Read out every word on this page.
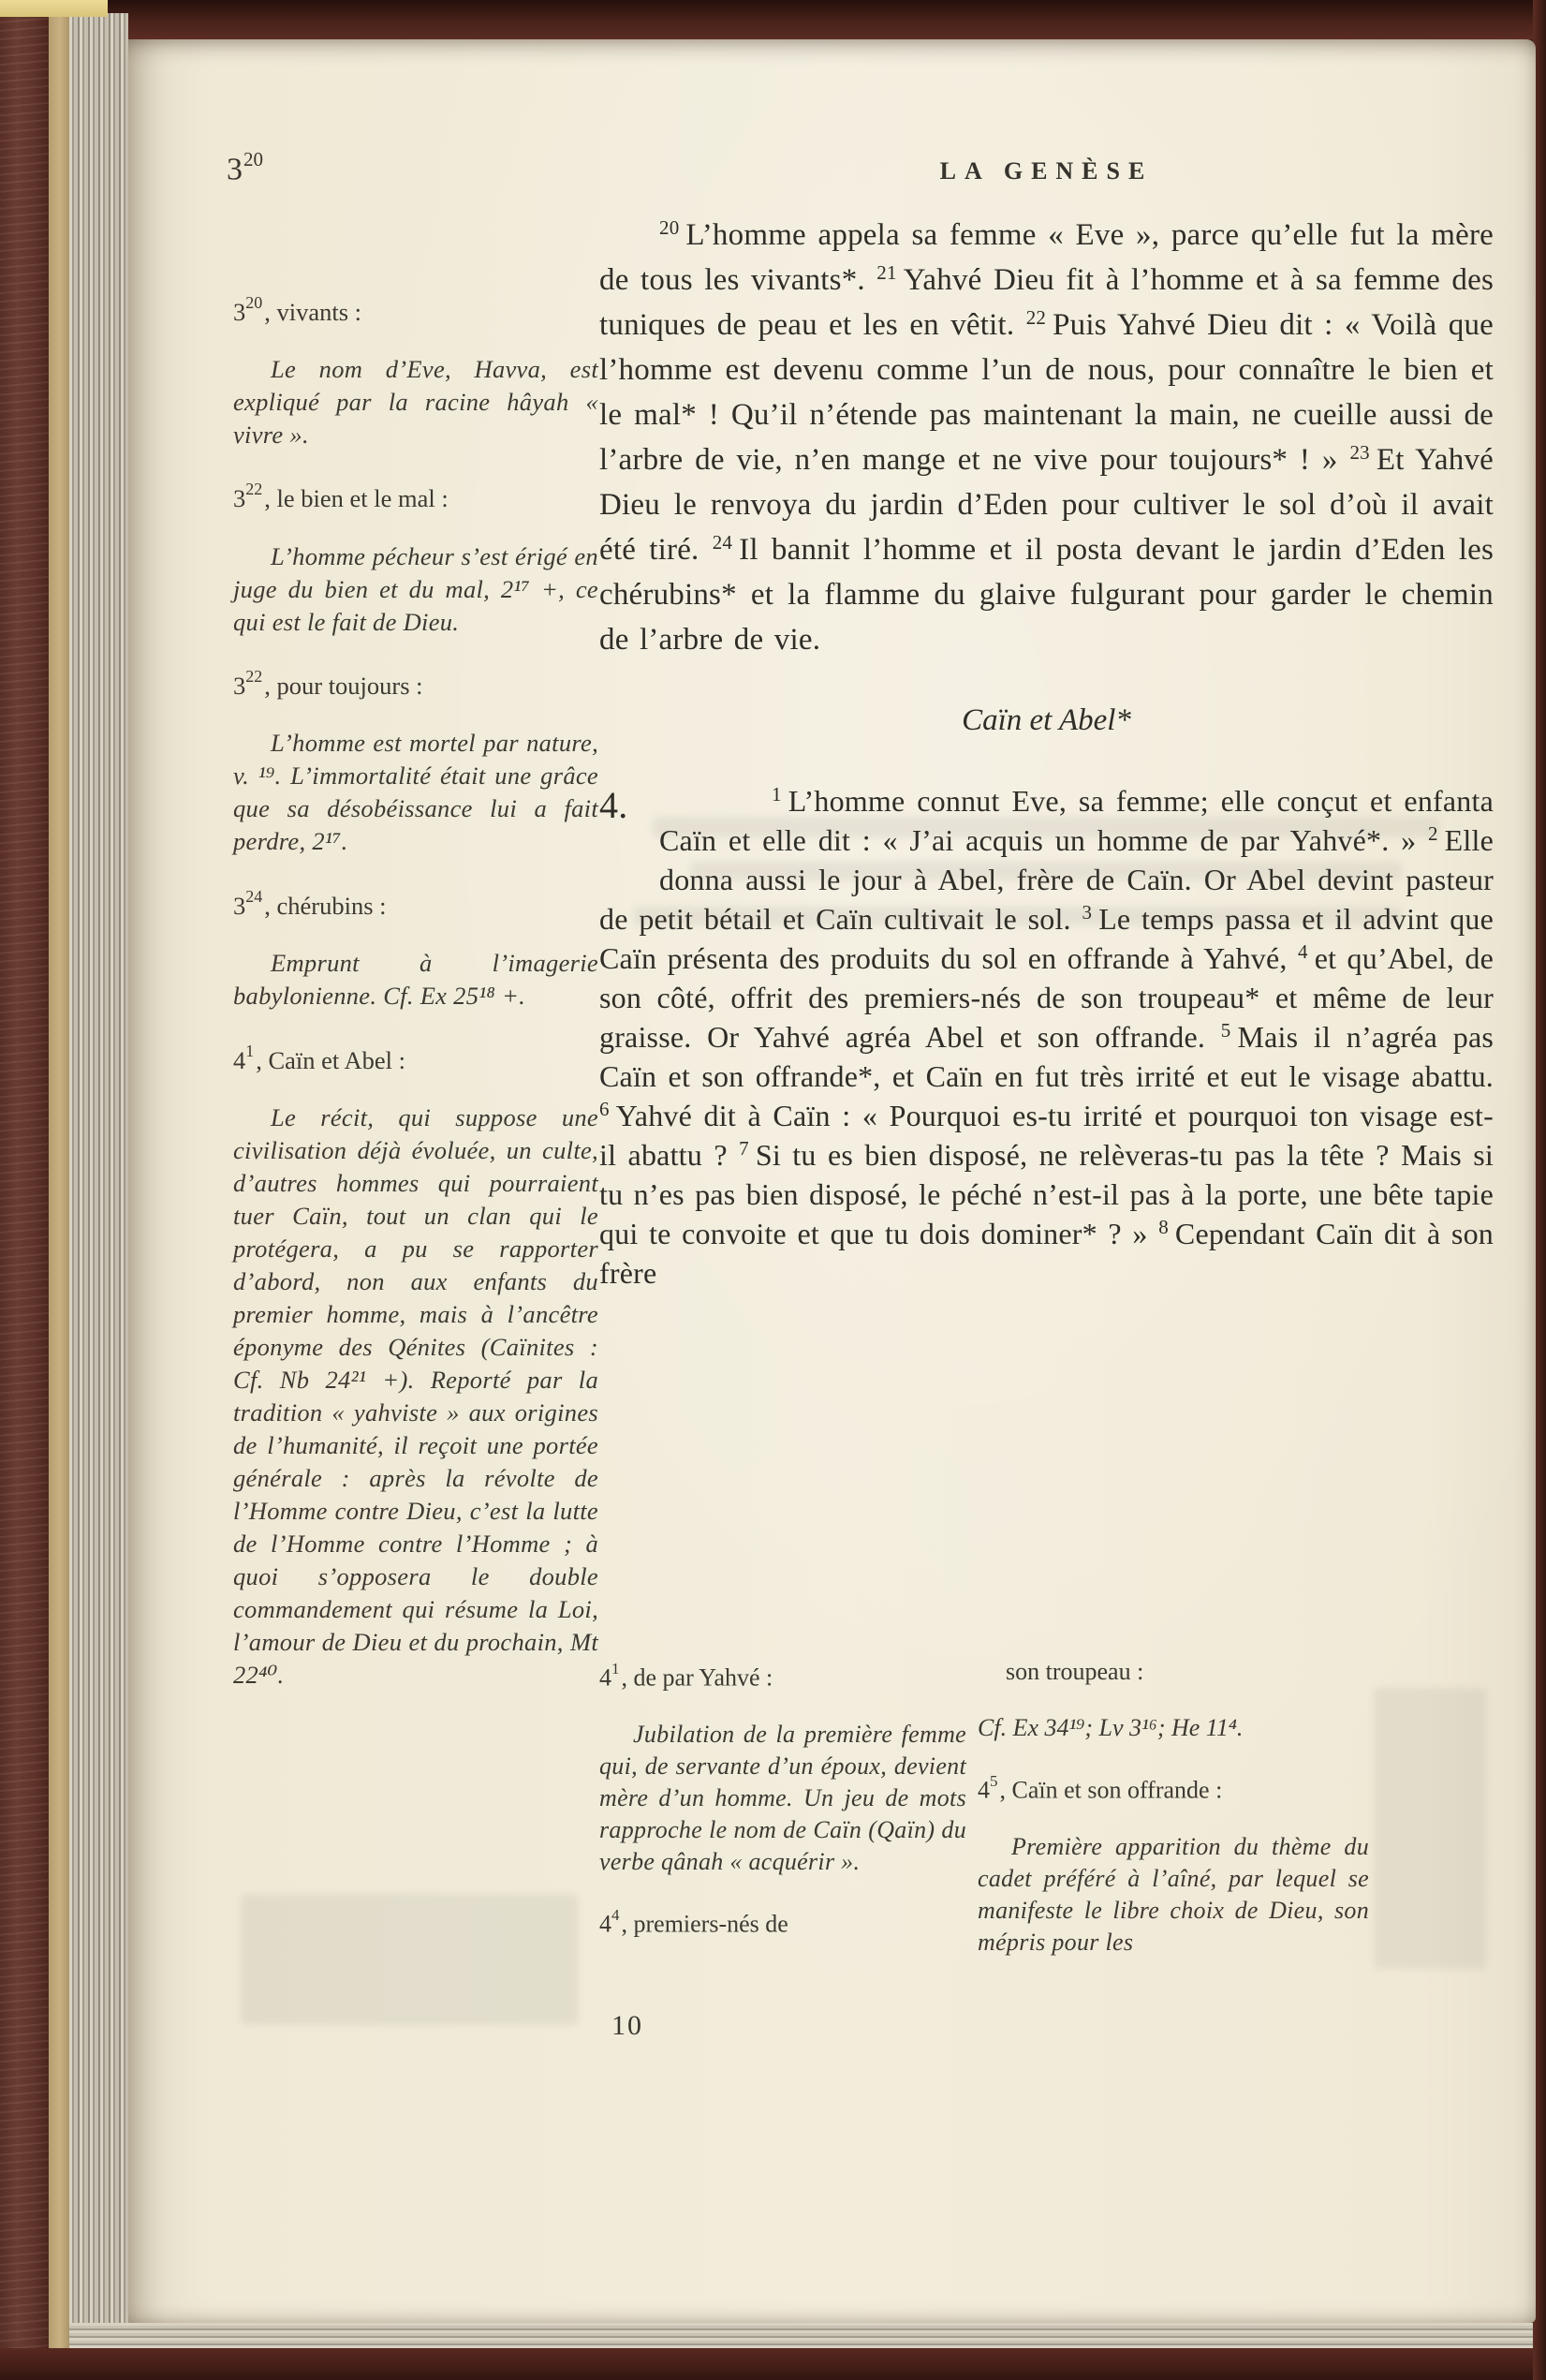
$3^{20}$	LA GENÈSE

$3^{20}$, vivants :

Le nom d’Eve, Havva, est expliqué par la racine hâyah « vivre ».

$3^{22}$, le bien et le mal :

L’homme pécheur s’est érigé en juge du bien et du mal, 2¹⁷ +, ce qui est le fait de Dieu.

$3^{22}$, pour toujours :

L’homme est mortel par nature, v. ¹⁹. L’immortalité était une grâce que sa désobéissance lui a fait perdre, 2¹⁷.

$3^{24}$, chérubins :

Emprunt à l’imagerie babylonienne. Cf. Ex 25¹⁸ +.

$4^1$, Caïn et Abel :

Le récit, qui suppose une civilisation déjà évoluée, un culte, d’autres hommes qui pourraient tuer Caïn, tout un clan qui le protégera, a pu se rapporter d’abord, non aux enfants du premier homme, mais à l’ancêtre éponyme des Qénites (Caïnites : Cf. Nb 24²¹ +). Reporté par la tradition « yahviste » aux origines de l’humanité, il reçoit une portée générale : après la révolte de l’Homme contre Dieu, c’est la lutte de l’Homme contre l’Homme ; à quoi s’opposera le double commandement qui résume la Loi, l’amour de Dieu et du prochain, Mt 22⁴⁰.

$^{20}$ L’homme appela sa femme « Eve », parce qu’elle fut la mère de tous les vivants*. $^{21}$ Yahvé Dieu fit à l’homme et à sa femme des tuniques de peau et les en vêtit. $^{22}$ Puis Yahvé Dieu dit : « Voilà que l’homme est devenu comme l’un de nous, pour connaître le bien et le mal* ! Qu’il n’étende pas maintenant la main, ne cueille aussi de l’arbre de vie, n’en mange et ne vive pour toujours* ! » $^{23}$ Et Yahvé Dieu le renvoya du jardin d’Eden pour cultiver le sol d’où il avait été tiré. $^{24}$ Il bannit l’homme et il posta devant le jardin d’Eden les chérubins* et la flamme du glaive fulgurant pour garder le chemin de l’arbre de vie.

Caïn et Abel*

4.	$^1$ L’homme connut Eve, sa femme; elle conçut et enfanta Caïn et elle dit : « J’ai acquis un homme de par Yahvé*. » $^2$ Elle donna aussi le jour à Abel, frère de Caïn. Or Abel devint pasteur de petit bétail et Caïn cultivait le sol. $^3$ Le temps passa et il advint que Caïn présenta des produits du sol en offrande à Yahvé, $^4$ et qu’Abel, de son côté, offrit des premiers-nés de son troupeau* et même de leur graisse. Or Yahvé agréa Abel et son offrande. $^5$ Mais il n’agréa pas Caïn et son offrande*, et Caïn en fut très irrité et eut le visage abattu. $^6$ Yahvé dit à Caïn : « Pourquoi es-tu irrité et pourquoi ton visage est-il abattu ? $^7$ Si tu es bien disposé, ne relèveras-tu pas la tête ? Mais si tu n’es pas bien disposé, le péché n’est-il pas à la porte, une bête tapie qui te convoite et que tu dois dominer* ? » $^8$ Cependant Caïn dit à son frère

$4^1$, de par Yahvé :

Jubilation de la première femme qui, de servante d’un époux, devient mère d’un homme. Un jeu de mots rapproche le nom de Caïn (Qaïn) du verbe qânah « acquérir ».

$4^4$, premiers-nés de

son troupeau :

Cf. Ex 34¹⁹; Lv 3¹⁶; He 11⁴.

$4^5$, Caïn et son offrande :

Première apparition du thème du cadet préféré à l’aîné, par lequel se manifeste le libre choix de Dieu, son mépris pour les

10
